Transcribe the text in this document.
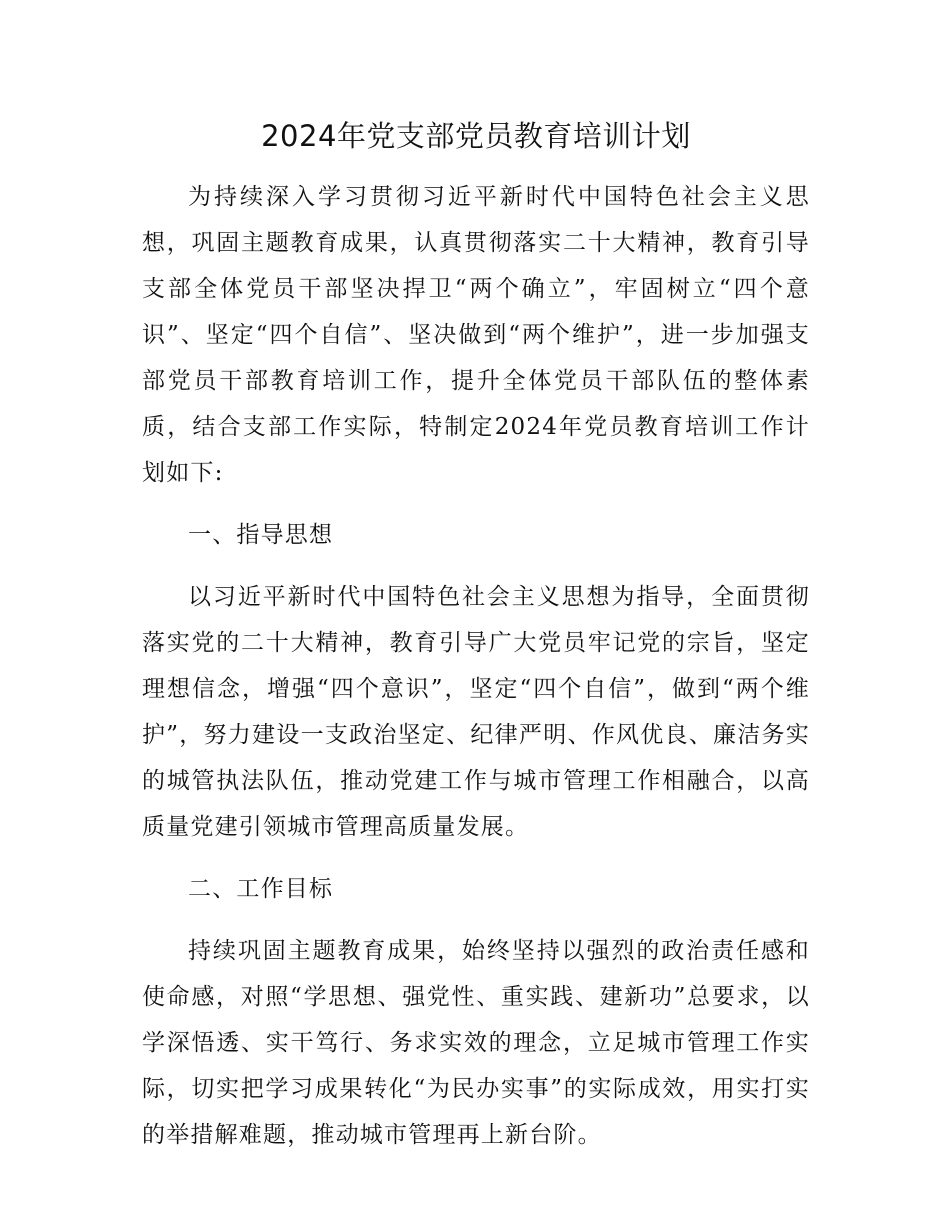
2024年党支部党员教育培训计划

为持续深入学习贯彻习近平新时代中国特色社会主义思想，巩固主题教育成果，认真贯彻落实二十大精神，教育引导支部全体党员干部坚决捍卫“两个确立”，牢固树立“四个意识”、坚定“四个自信”、坚决做到“两个维护”，进一步加强支部党员干部教育培训工作，提升全体党员干部队伍的整体素质，结合支部工作实际，特制定2024年党员教育培训工作计划如下:

一、指导思想

以习近平新时代中国特色社会主义思想为指导，全面贯彻落实党的二十大精神，教育引导广大党员牢记党的宗旨，坚定理想信念，增强“四个意识”，坚定“四个自信”，做到“两个维护”，努力建设一支政治坚定、纪律严明、作风优良、廉洁务实的城管执法队伍，推动党建工作与城市管理工作相融合，以高质量党建引领城市管理高质量发展。

二、工作目标

持续巩固主题教育成果，始终坚持以强烈的政治责任感和使命感，对照“学思想、强党性、重实践、建新功”总要求，以学深悟透、实干笃行、务求实效的理念，立足城市管理工作实际，切实把学习成果转化“为民办实事”的实际成效，用实打实的举措解难题，推动城市管理再上新台阶。
